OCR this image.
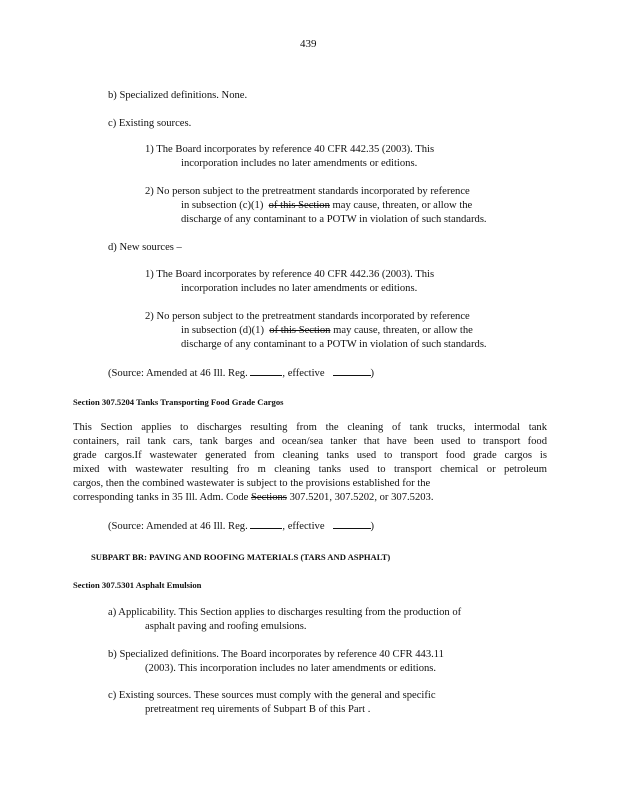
439
b) Specialized definitions. None.
c) Existing sources.
1) The Board incorporates by reference 40 CFR 442.35 (2003). This
incorporation includes no later amendments or editions.
2) No person subject to the pretreatment standards incorporated by reference
in subsection (c)(1) of this Section may cause, threaten, or allow the
discharge of any contaminant to a POTW in violation of such standards.
d) New sources –
1) The Board incorporates by reference 40 CFR 442.36 (2003). This
incorporation includes no later amendments or editions.
2) No person subject to the pretreatment standards incorporated by reference
in subsection (d)(1) of this Section may cause, threaten, or allow the
discharge of any contaminant to a POTW in violation of such standards.
(Source: Amended at 46 Ill. Reg.	, effective	)
Section 307.5204 Tanks Transporting Food Grade Cargos
This Section applies to discharges resulting from the cleaning of tank trucks, intermodal tank
containers, rail tank cars, tank barges and ocean/sea tanker that have been used to transport food
grade cargos.If wastewater generated from cleaning tanks used to transport food grade cargos is
mixed with wastewater resulting fro m cleaning tanks used to transport chemical or petroleum
cargos, then the combined wastewater is subject to the provisions established for the
corresponding tanks in 35 Ill. Adm. Code Sections 307.5201, 307.5202, or 307.5203.
(Source: Amended at 46 Ill. Reg.	, effective	)
SUBPART BR: PAVING AND ROOFING MATERIALS (TARS AND ASPHALT)
Section 307.5301 Asphalt Emulsion
a) Applicability. This Section applies to discharges resulting from the production of
asphalt paving and roofing emulsions.
b) Specialized definitions. The Board incorporates by reference 40 CFR 443.11
(2003). This incorporation includes no later amendments or editions.
c) Existing sources. These sources must comply with the general and specific
pretreatment req uirements of Subpart B of this Part .
